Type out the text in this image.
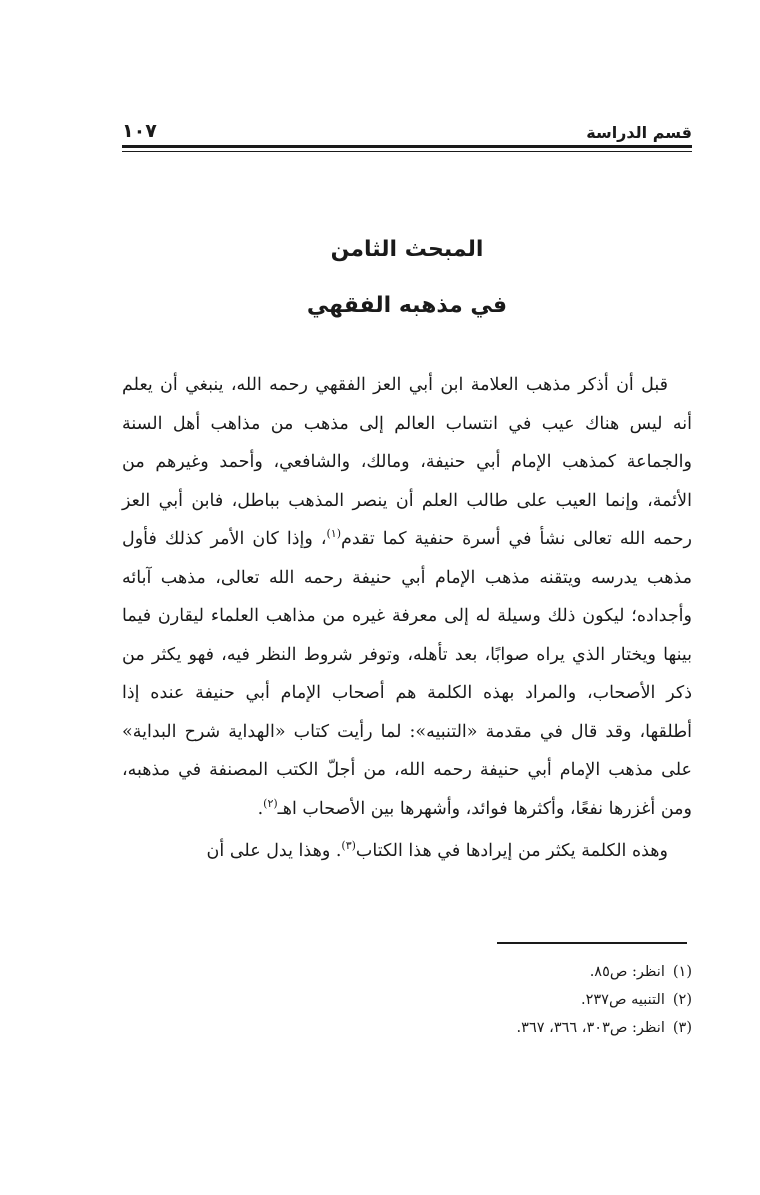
قسم الدراسة
١٠٧

المبحث الثامن

في مذهبه الفقهي

قبل أن أذكر مذهب العلامة ابن أبي العز الفقهي رحمه الله، ينبغي أن يعلم أنه ليس هناك عيب في انتساب العالم إلى مذهب من مذاهب أهل السنة والجماعة كمذهب الإمام أبي حنيفة، ومالك، والشافعي، وأحمد وغيرهم من الأئمة، وإنما العيب على طالب العلم أن ينصر المذهب بباطل، فابن أبي العز رحمه الله تعالى نشأ في أسرة حنفية كما تقدم$^{(١)}$، وإذا كان الأمر كذلك فأول مذهب يدرسه ويتقنه مذهب الإمام أبي حنيفة رحمه الله تعالى، مذهب آبائه وأجداده؛ ليكون ذلك وسيلة له إلى معرفة غيره من مذاهب العلماء ليقارن فيما بينها ويختار الذي يراه صوابًا، بعد تأهله، وتوفر شروط النظر فيه، فهو يكثر من ذكر الأصحاب، والمراد بهذه الكلمة هم أصحاب الإمام أبي حنيفة عنده إذا أطلقها، وقد قال في مقدمة «التنبيه»: لما رأيت كتاب «الهداية شرح البداية» على مذهب الإمام أبي حنيفة رحمه الله، من أجلّ الكتب المصنفة في مذهبه، ومن أغزرها نفعًا، وأكثرها فوائد، وأشهرها بين الأصحاب اهـ$^{(٢)}$.

وهذه الكلمة يكثر من إيرادها في هذا الكتاب$^{(٣)}$. وهذا يدل على أن

(١)
انظر: ص٨٥.
(٢)
التنبيه ص٢٣٧.
(٣)
انظر: ص٣٠٣، ٣٦٦، ٣٦٧.
